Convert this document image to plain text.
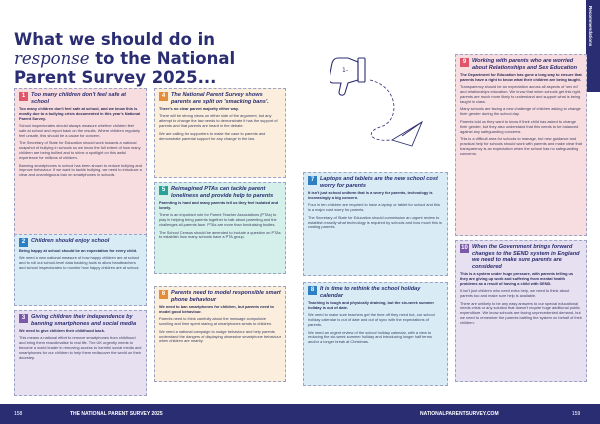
What we should do in
response to the National
Parent Survey 2025...
1	Too many children don't feel safe at school

Too many children don't feel safe at school, and we know this is mostly due to a bullying crisis documented in this year's National Parent Survey.

School inspectorates should always measure whether children feel safe at school and report back on the results. Where children regularly feel unsafe, this should be a cause for concern.

The Secretary of State for Education should work towards a national snapshot of bullying in schools so we know the full extent of how many children are being bullied and to shine a spotlight on this awful experience for millions of children.

Banning smartphones in school has been shown to reduce bullying and improve behaviour. If we want to tackle bullying, we need to introduce a clear and unambiguous ban on smartphones in schools.

2	Children should enjoy school

Being happy at school should be an expectation for every child.

We need a new national measure of how happy children are at school and to roll out school-level data tracking tools to allow headteachers and school inspectorates to monitor how happy children are at school.

3	Giving children their independence by banning smartphones and social media

We need to give children their childhood back.

This means a national effort to remove smartphones from childhood and bring them reacclimatise to real life. The UK urgently needs to become a world leader in removing access to harmful social media and smartphones for our children to help them rediscover the world on their doorstep.

4	The National Parent Survey shows parents are split on 'smacking bans'.

There's no clear parent majority either way.

There will be strong views on either side of the argument, but any attempt to change the law needs to demonstrate it has the support of parents and that parents are heard in the debate.

We are calling for supporters to make the case to parents and demonstrate parental support for any change in the law.

5	Reimagined PTAs can tackle parent loneliness and provide help to parents

Parenting is hard and many parents tell us they feel isolated and lonely.

There is an important role for Parent Teacher Associations (PTAs) to play in helping bring parents together to talk about parenting and the challenges all parents face. PTAs are more than fundraising bodies.

The School Census should be amended to include a question on PTAs to establish how many schools have a PTA group.

6	Parents need to model responsible smart phone behaviour

We need to ban smartphones for children, but parents need to model good behaviour.

Parents need to think carefully about the message compulsive scrolling and time spent staring at smartphones sends to children.

We need a national campaign to nudge behaviour and help parents understand the dangers of displaying obsessive smartphone behaviour when children are nearby.

158	THE NATIONAL PARENT SURVEY 2025
Recommendations
1-
7	Laptops and tablets are the new school cost worry for parents

It isn't just school uniform that is a worry for parents, technology is increasingly a big concern.

Four in ten children are required to have a laptop or tablet for school and this is a major cost worry for parents.

The Secretary of State for Education should commission an urgent review to establish exactly what technology is required by schools and how much this is costing parents.

8	It is time to rethink the school holiday calendar

Teaching is tough and physically draining, but the six-week summer holiday is out of date.

We need to make sure teachers get the time off they need but, our school holiday calendar is out of date and out of sync with the expectations of parents.

We need an urgent review of the school holiday calendar, with a view to reducing the six-week summer holiday and introducing longer half terms and/or a longer break at Christmas.

9	Working with parents who are worried about Relationships and Sex Education

The Department for Education has gone a long way to ensure that parents have a right to know what their children are being taught.

Transparency should be an expectation across all aspects of 'sex ed' and relationships education. We know that when schools get this right, parents are much more likely to understand and support what is being taught in class.

Many schools are facing a new challenge of children asking to change their gender during the school day.

Parents told us they want to know if their child has asked to change their gender, but they also understand that this needs to be balanced against any safeguarding concerns.

This is a difficult area for schools to manage, but new guidance and practical help for schools should work with parents and make clear that transparency is an expectation when the school has no safeguarding concerns.

10 When the Government brings forward changes to the SEND system in England we need to make sure parents are considered

This is a system under huge pressure, with parents telling us they are giving up work and suffering from mental health problems as a result of having a child with SEND.

It isn't just children who need extra help, we need to think about parents too and make sure help is available.

There are unlikely to be any easy answers to our special educational needs crisis or any solution that doesn't require huge additional public expenditure. We know schools are facing unprecedented demand, but we need to remember the parents battling the system on behalf of their children.

NATIONALPARENTSURVEY.COM	159
